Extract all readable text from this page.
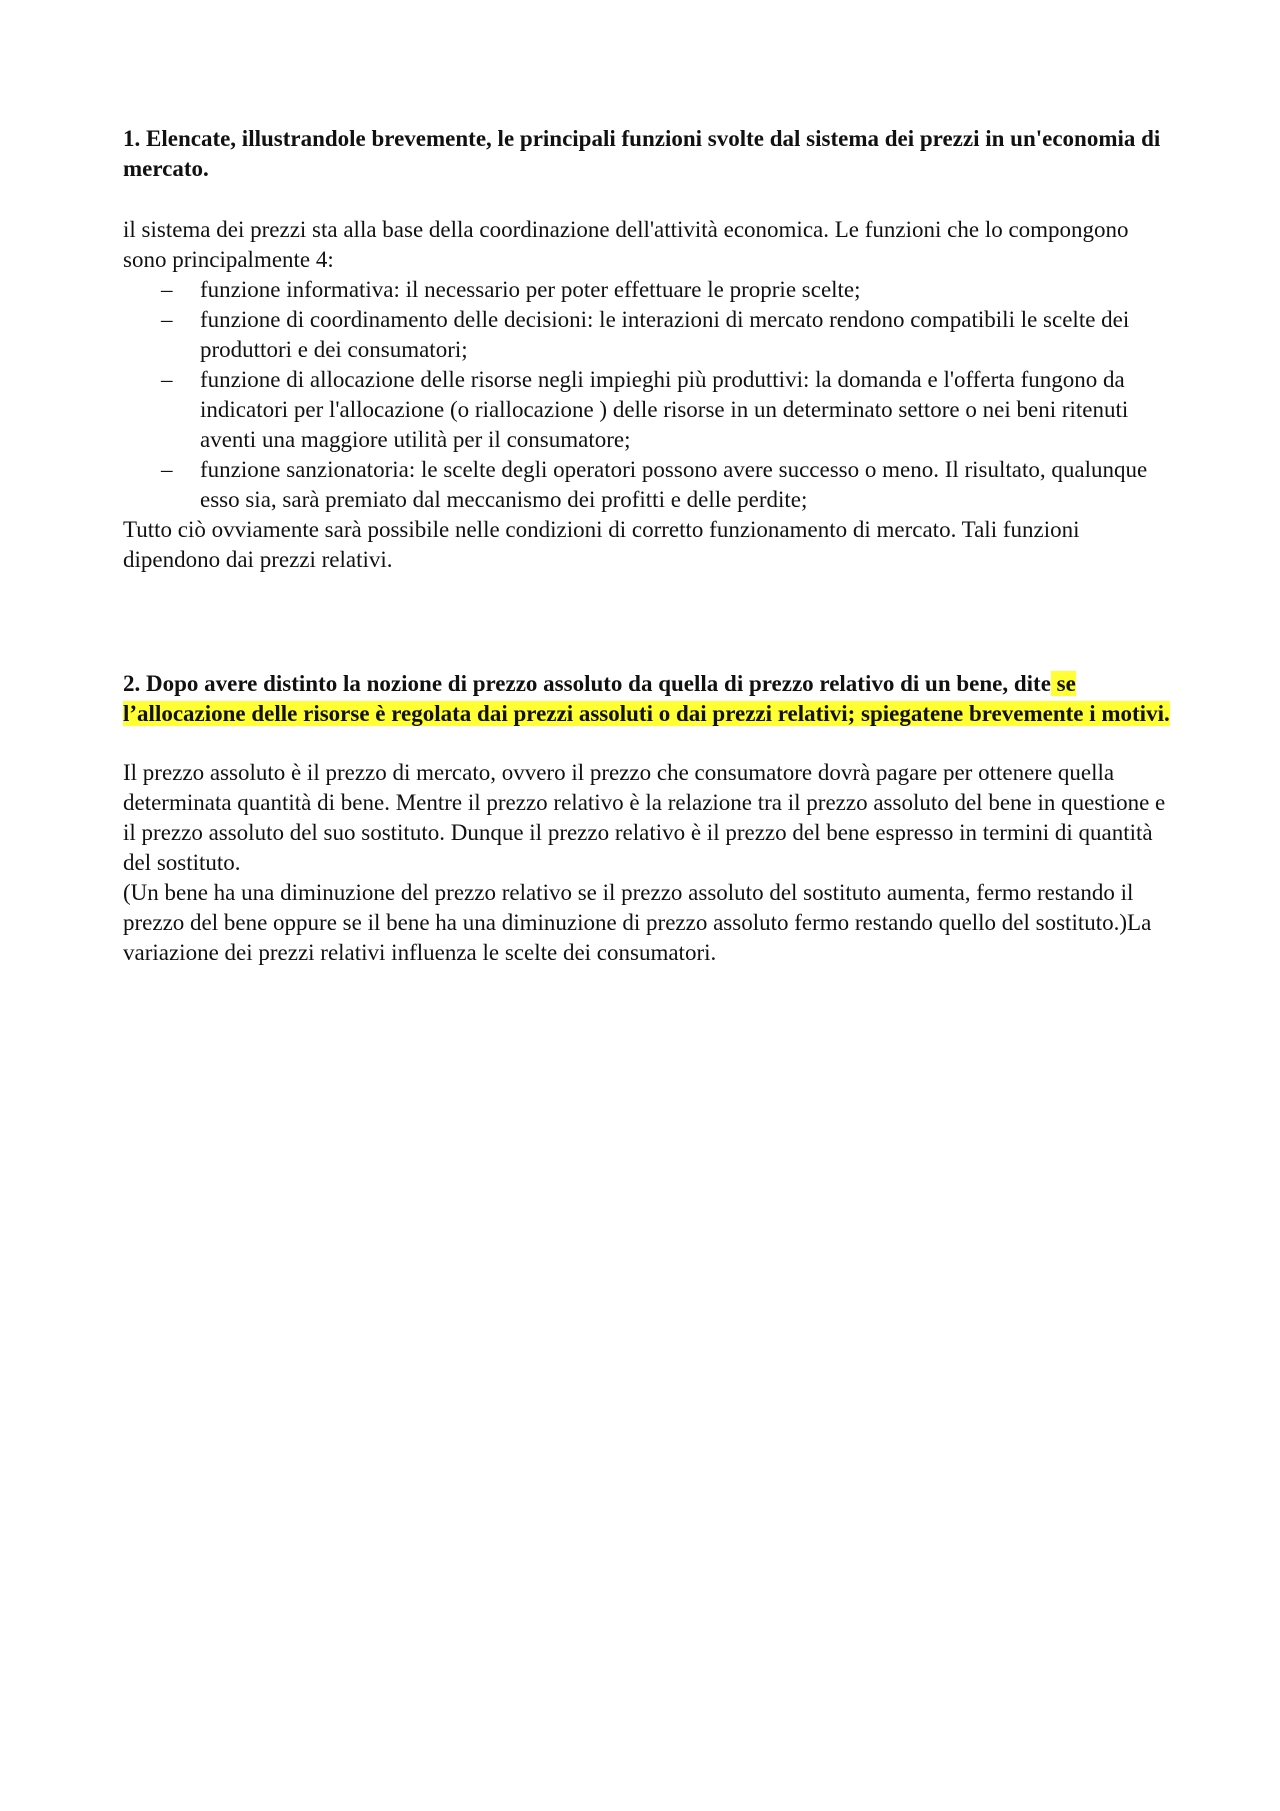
1. Elencate, illustrandole brevemente, le principali funzioni svolte dal sistema dei prezzi in un'economia di mercato.

il sistema dei prezzi sta alla base della coordinazione dell'attività economica. Le funzioni che lo compongono sono principalmente 4:

– funzione informativa: il necessario per poter effettuare le proprie scelte;
– funzione di coordinamento delle decisioni: le interazioni di mercato rendono compatibili le scelte dei produttori e dei consumatori;
– funzione di allocazione delle risorse negli impieghi più produttivi: la domanda e l'offerta fungono da indicatori per l'allocazione (o riallocazione ) delle risorse in un determinato settore o nei beni ritenuti aventi una maggiore utilità per il consumatore;
– funzione sanzionatoria: le scelte degli operatori possono avere successo o meno. Il risultato, qualunque esso sia, sarà premiato dal meccanismo dei profitti e delle perdite;

Tutto ciò ovviamente sarà possibile nelle condizioni di corretto funzionamento di mercato. Tali funzioni dipendono dai prezzi relativi.

2. Dopo avere distinto la nozione di prezzo assoluto da quella di prezzo relativo di un bene, dite se l’allocazione delle risorse è regolata dai prezzi assoluti o dai prezzi relativi; spiegatene brevemente i motivi.

Il prezzo assoluto è il prezzo di mercato, ovvero il prezzo che consumatore dovrà pagare per ottenere quella determinata quantità di bene. Mentre il prezzo relativo è la relazione tra il prezzo assoluto del bene in questione e il prezzo assoluto del suo sostituto. Dunque il prezzo relativo è il prezzo del bene espresso in termini di quantità del sostituto.

(Un bene ha una diminuzione del prezzo relativo se il prezzo assoluto del sostituto aumenta, fermo restando il prezzo del bene oppure se il bene ha una diminuzione di prezzo assoluto fermo restando quello del sostituto.)La variazione dei prezzi relativi influenza le scelte dei consumatori.
